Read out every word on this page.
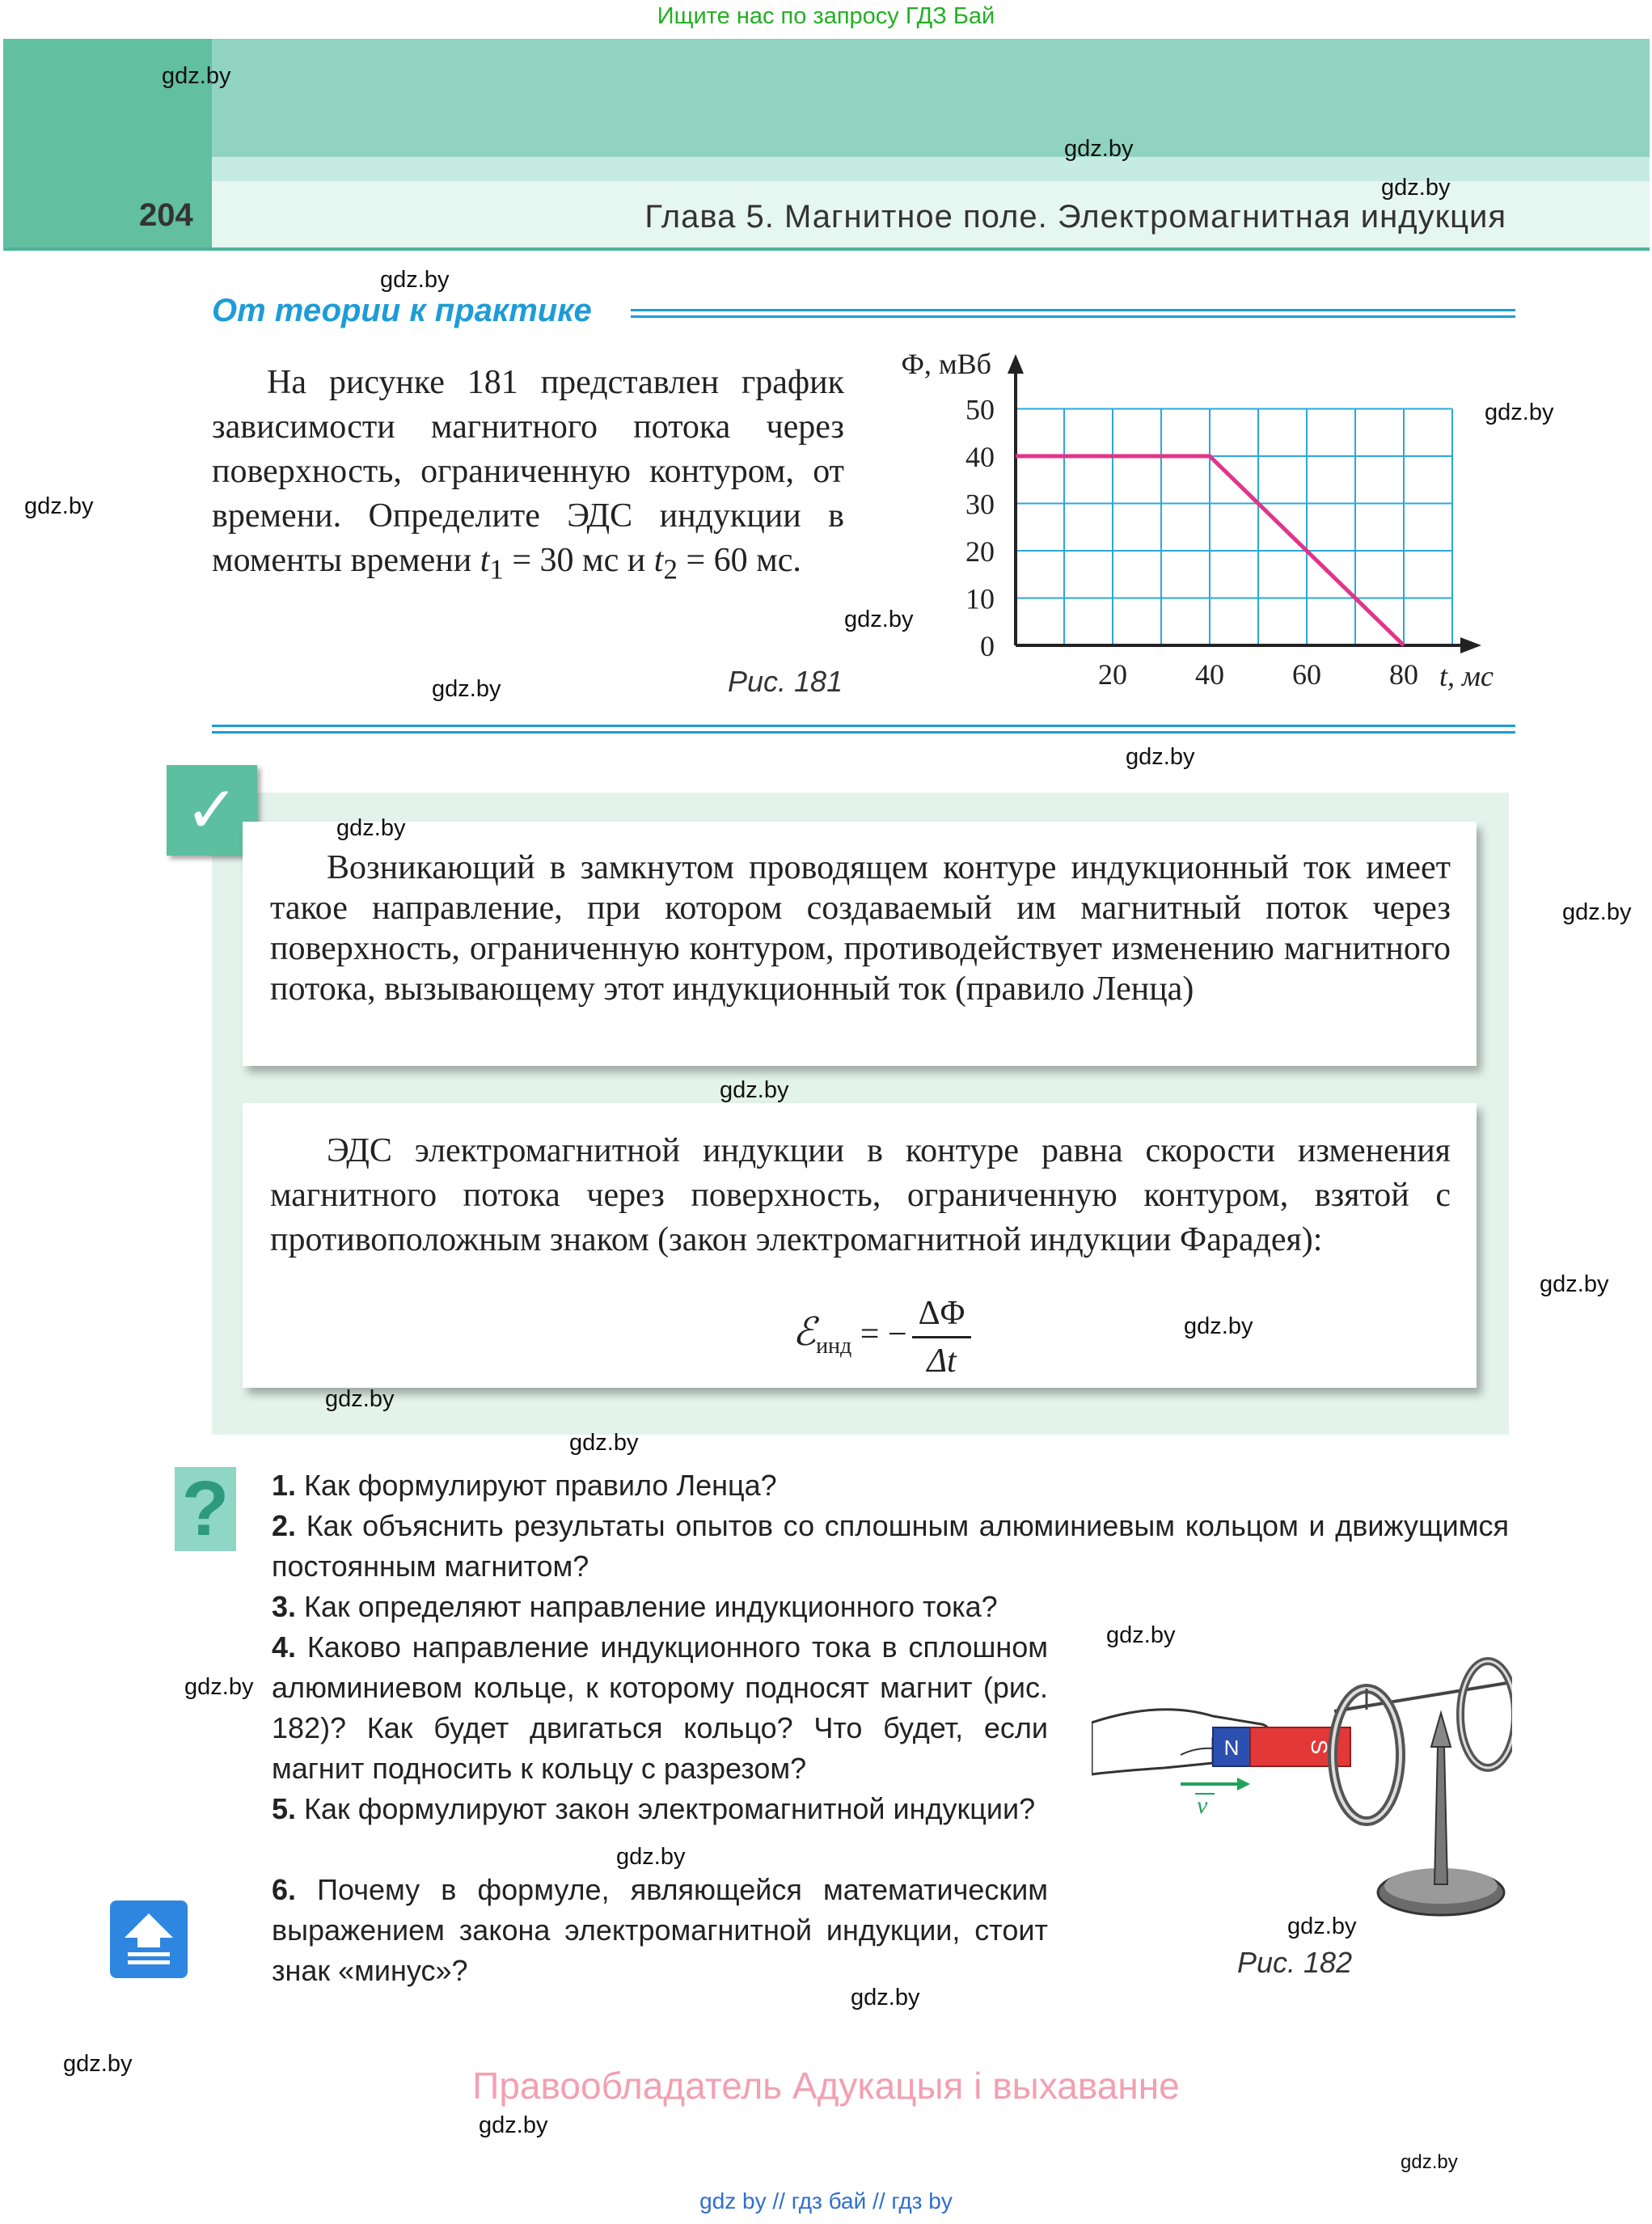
Ищите нас по запросу ГДЗ Бай
204	Глава 5. Магнитное поле. Электромагнитная индукция
От теории к практике
На рисунке 181 представлен график зависимости магнитного потока через поверхность, ограниченную контуром, от времени. Определите ЭДС индукции в моменты времени $t_1 = 30$ мс и $t_2 = 60$ мс.
Рис. 181
0
10
20
30
40
50
20 40 60 80
Ф, мВб
t, мс
✓
Возникающий в замкнутом проводящем контуре индукционный ток имеет такое направление, при котором создаваемый им магнитный поток через поверхность, ограниченную контуром, противодействует изменению магнитного потока, вызывающему этот индукционный ток (правило Ленца)
ЭДС электромагнитной индукции в контуре равна скорости изменения магнитного потока через поверхность, ограниченную контуром, взятой с противоположным знаком (закон электромагнитной индукции Фарадея):
ℰ$_{инд}$ = − $\frac{\Delta\Phi}{\Delta t}$
? 1. Как формулируют правило Ленца?
2. Как объяснить результаты опытов со сплошным алюминиевым кольцом и движущимся постоянным магнитом?
3. Как определяют направление индукционного тока?
4. Каково направление индукционного тока в сплошном алюминиевом кольце, к которому подносят магнит (рис. 182)? Как будет двигаться кольцо? Что будет, если магнит подносить к кольцу с разрезом?
5. Как формулируют закон электромагнитной индукции?
6. Почему в формуле, являющейся математическим выражением закона электромагнитной индукции, стоит знак «минус»?
N	S
v
Рис. 182
Правообладатель Адукацыя і выхаванне
gdz by // гдз бай // гдз by
gdz.by
gdz.by
gdz.by
gdz.by
gdz.by
gdz.by
gdz.by
gdz.by
gdz.by
gdz.by
gdz.by
gdz.by
gdz.by
gdz.by
gdz.by
gdz.by
gdz.by
gdz.by
gdz.by
gdz.by
gdz.by
gdz.by
gdz.by
gdz.by
